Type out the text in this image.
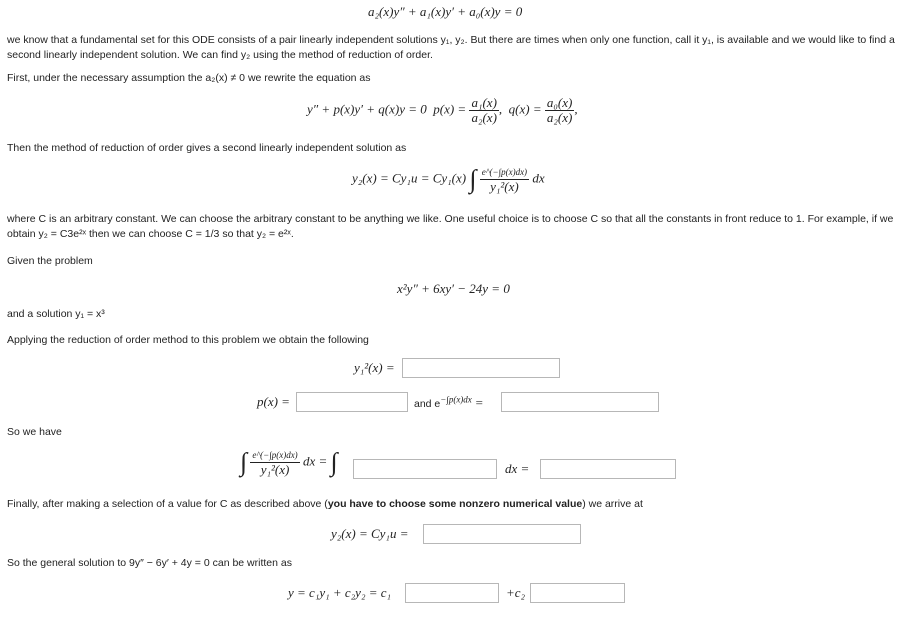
a₂(x)y″ + a₁(x)y′ + a₀(x)y = 0
we know that a fundamental set for this ODE consists of a pair linearly independent solutions y₁, y₂. But there are times when only one function, call it y₁, is available and we would like to find a second linearly independent solution. We can find y₂ using the method of reduction of order.
First, under the necessary assumption the a₂(x) ≠ 0 we rewrite the equation as
y″ + p(x)y′ + q(x)y = 0 $p(x) = \frac{\text{a₁(x)}}{\text{a₂(x)}}$ ,  $q(x) = \frac{\text{a₀(x)}}{\text{a₂(x)}}$ ,
Then the method of reduction of order gives a second linearly independent solution as
y₂(x) = Cy₁u = Cy₁(x) ∫ $\frac{e\^{}(-\int p(x)dx)}{\text{y₁²(x)}}$ dx
where C is an arbitrary constant. We can choose the arbitrary constant to be anything we like. One useful choice is to choose C so that all the constants in front reduce to 1. For example, if we obtain y₂ = C3e²ˣ then we can choose C = 1/3 so that y₂ = e²ˣ.
Given the problem
x²y″ + 6xy′ − 24y = 0
and a solution y₁ = x³
Applying the reduction of order method to this problem we obtain the following
y₁²(x) =
p(x) =	and $e^{-\int p(x)dx}$ =
So we have
∫ $\frac{e\^{}(-\int p(x)dx)}{\text{y₁²(x)}}$ dx = ∫	dx =
Finally, after making a selection of a value for C as described above (you have to choose some nonzero numerical value) we arrive at
y₂(x) = Cy₁u =
So the general solution to 9y″ − 6y′ + 4y = 0 can be written as
y = c₁y₁ + c₂y₂ = c₁	+c₂
